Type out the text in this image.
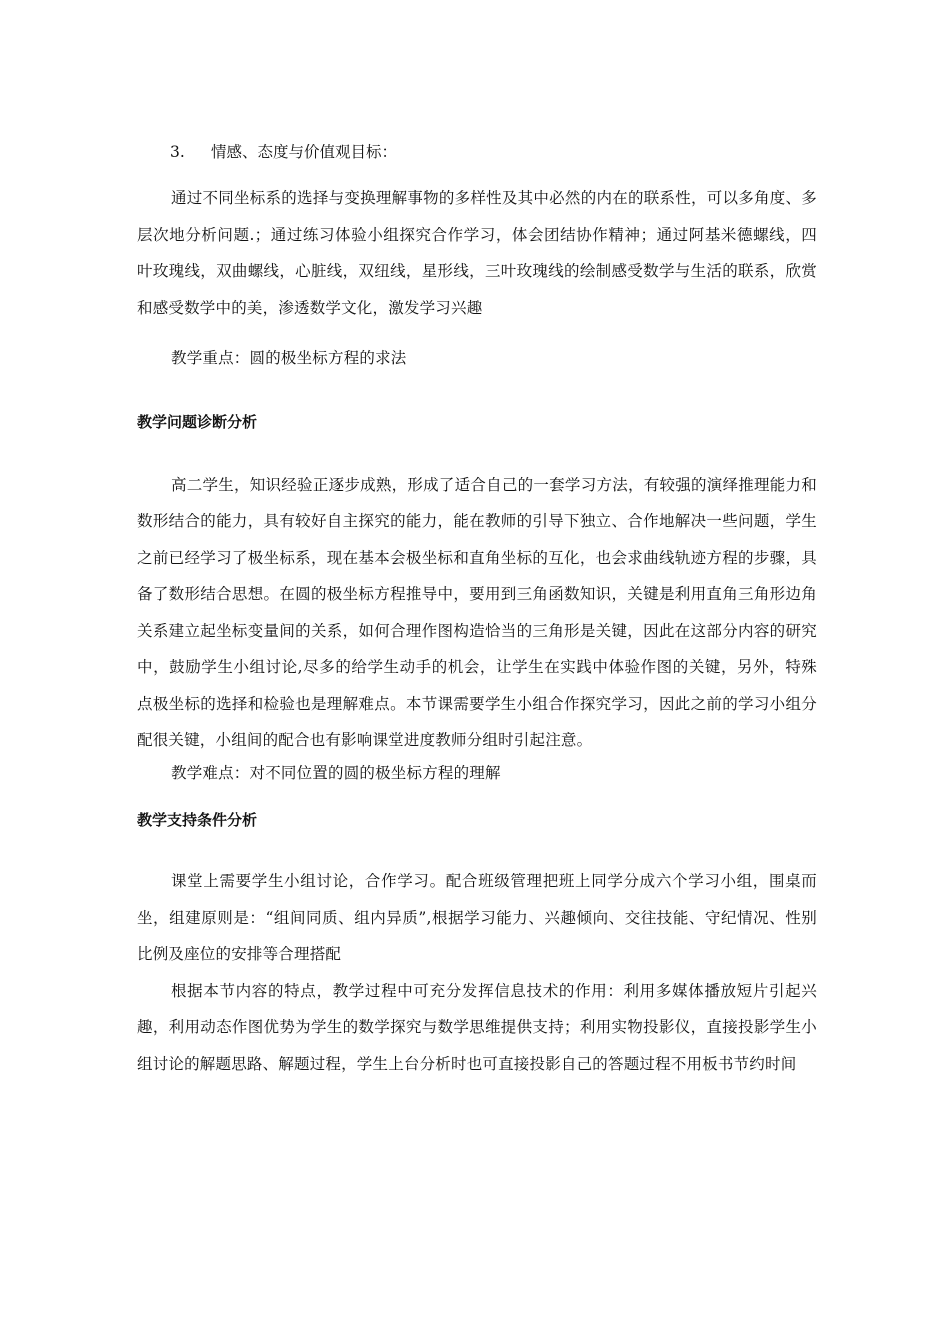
3. 情感、态度与价值观目标：

通过不同坐标系的选择与变换理解事物的多样性及其中必然的内在的联系性，可以多角度、多层次地分析问题.；通过练习体验小组探究合作学习，体会团结协作精神；通过阿基米德螺线，四叶玫瑰线，双曲螺线，心脏线，双纽线，星形线，三叶玫瑰线的绘制感受数学与生活的联系，欣赏和感受数学中的美，渗透数学文化，激发学习兴趣

教学重点：圆的极坐标方程的求法

教学问题诊断分析

高二学生，知识经验正逐步成熟，形成了适合自己的一套学习方法，有较强的演绎推理能力和数形结合的能力，具有较好自主探究的能力，能在教师的引导下独立、合作地解决一些问题，学生之前已经学习了极坐标系，现在基本会极坐标和直角坐标的互化，也会求曲线轨迹方程的步骤，具备了数形结合思想。在圆的极坐标方程推导中，要用到三角函数知识，关键是利用直角三角形边角关系建立起坐标变量间的关系，如何合理作图构造恰当的三角形是关键，因此在这部分内容的研究中，鼓励学生小组讨论,尽多的给学生动手的机会，让学生在实践中体验作图的关键，另外，特殊点极坐标的选择和检验也是理解难点。本节课需要学生小组合作探究学习，因此之前的学习小组分配很关键，小组间的配合也有影响课堂进度教师分组时引起注意。

教学难点：对不同位置的圆的极坐标方程的理解

教学支持条件分析

课堂上需要学生小组讨论，合作学习。配合班级管理把班上同学分成六个学习小组，围桌而坐，组建原则是：“组间同质、组内异质”,根据学习能力、兴趣倾向、交往技能、守纪情况、性别比例及座位的安排等合理搭配

根据本节内容的特点，教学过程中可充分发挥信息技术的作用：利用多媒体播放短片引起兴趣，利用动态作图优势为学生的数学探究与数学思维提供支持；利用实物投影仪，直接投影学生小组讨论的解题思路、解题过程，学生上台分析时也可直接投影自己的答题过程不用板书节约时间
